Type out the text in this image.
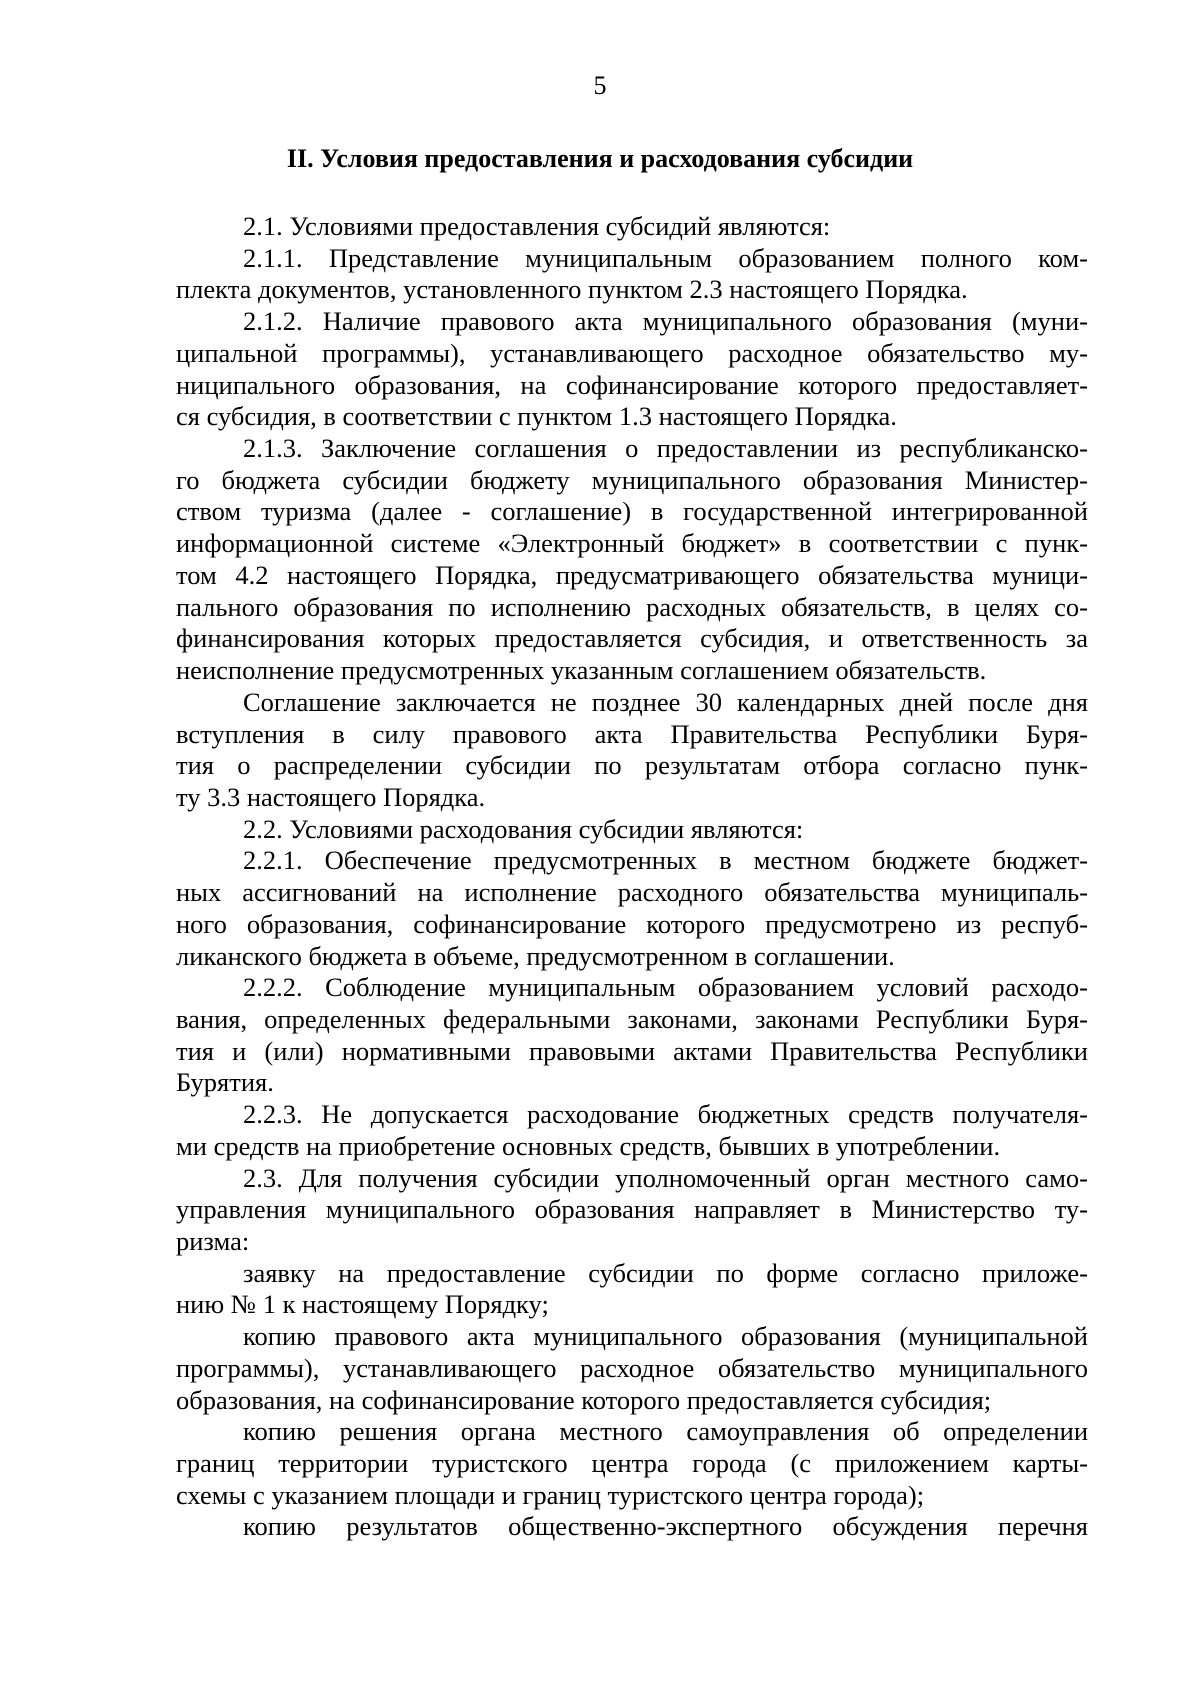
5
II. Условия предоставления и расходования субсидии
2.1. Условиями предоставления субсидий являются:
2.1.1. Представление муниципальным образованием полного ком-
плекта документов, установленного пунктом 2.3 настоящего Порядка.
2.1.2. Наличие правового акта муниципального образования (муни-
ципальной программы), устанавливающего расходное обязательство му-
ниципального образования, на софинансирование которого предоставляет-
ся субсидия, в соответствии с пунктом 1.3 настоящего Порядка.
2.1.3. Заключение соглашения о предоставлении из республиканско-
го бюджета субсидии бюджету муниципального образования Министер-
ством туризма (далее - соглашение) в государственной интегрированной
информационной системе «Электронный бюджет» в соответствии с пунк-
том 4.2 настоящего Порядка, предусматривающего обязательства муници-
пального образования по исполнению расходных обязательств, в целях со-
финансирования которых предоставляется субсидия, и ответственность за
неисполнение предусмотренных указанным соглашением обязательств.
Соглашение заключается не позднее 30 календарных дней после дня
вступления в силу правового акта Правительства Республики Буря-
тия о распределении субсидии по результатам отбора согласно пунк-
ту 3.3 настоящего Порядка.
2.2. Условиями расходования субсидии являются:
2.2.1. Обеспечение предусмотренных в местном бюджете бюджет-
ных ассигнований на исполнение расходного обязательства муниципаль-
ного образования, софинансирование которого предусмотрено из респуб-
ликанского бюджета в объеме, предусмотренном в соглашении.
2.2.2. Соблюдение муниципальным образованием условий расходо-
вания, определенных федеральными законами, законами Республики Буря-
тия и (или) нормативными правовыми актами Правительства Республики
Бурятия.
2.2.3. Не допускается расходование бюджетных средств получателя-
ми средств на приобретение основных средств, бывших в употреблении.
2.3. Для получения субсидии уполномоченный орган местного само-
управления муниципального образования направляет в Министерство ту-
ризма:
заявку на предоставление субсидии по форме согласно приложе-
нию № 1 к настоящему Порядку;
копию правового акта муниципального образования (муниципальной
программы), устанавливающего расходное обязательство муниципального
образования, на софинансирование которого предоставляется субсидия;
копию решения органа местного самоуправления об определении
границ территории туристского центра города (с приложением карты-
схемы с указанием площади и границ туристского центра города);
копию результатов общественно-экспертного обсуждения перечня
